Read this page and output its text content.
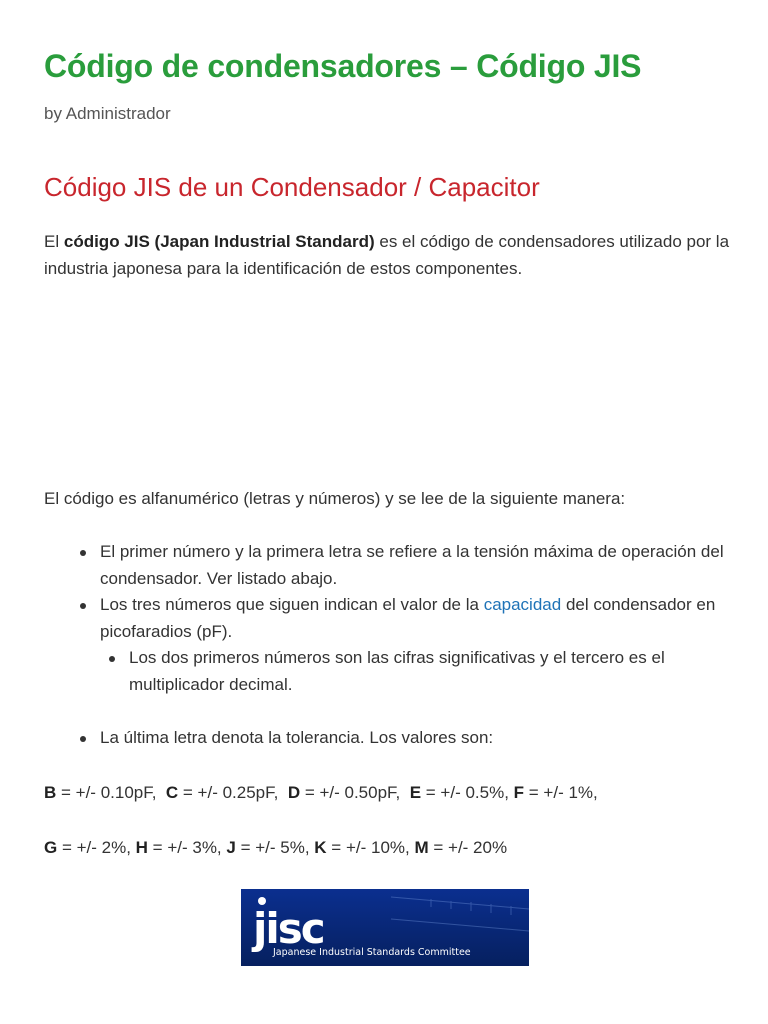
Código de condensadores – Código JIS
by Administrador
Código JIS de un Condensador / Capacitor

El código JIS (Japan Industrial Standard) es el código de condensadores utilizado por la industria japonesa para la identificación de estos componentes.

El código es alfanumérico (letras y números) y se lee de la siguiente manera:

El primer número y la primera letra se refiere a la tensión máxima de operación del condensador. Ver listado abajo.
Los tres números que siguen indican el valor de la capacidad del condensador en picofaradios (pF).
Los dos primeros números son las cifras significativas y el tercero es el multiplicador decimal.
La última letra denota la tolerancia. Los valores son:

B = +/- 0.10pF,  C = +/- 0.25pF,  D = +/- 0.50pF,  E = +/- 0.5%, F = +/- 1%,

G = +/- 2%, H = +/- 3%, J = +/- 5%, K = +/- 10%, M = +/- 20%

jisc
Japanese Industrial Standards Committee
